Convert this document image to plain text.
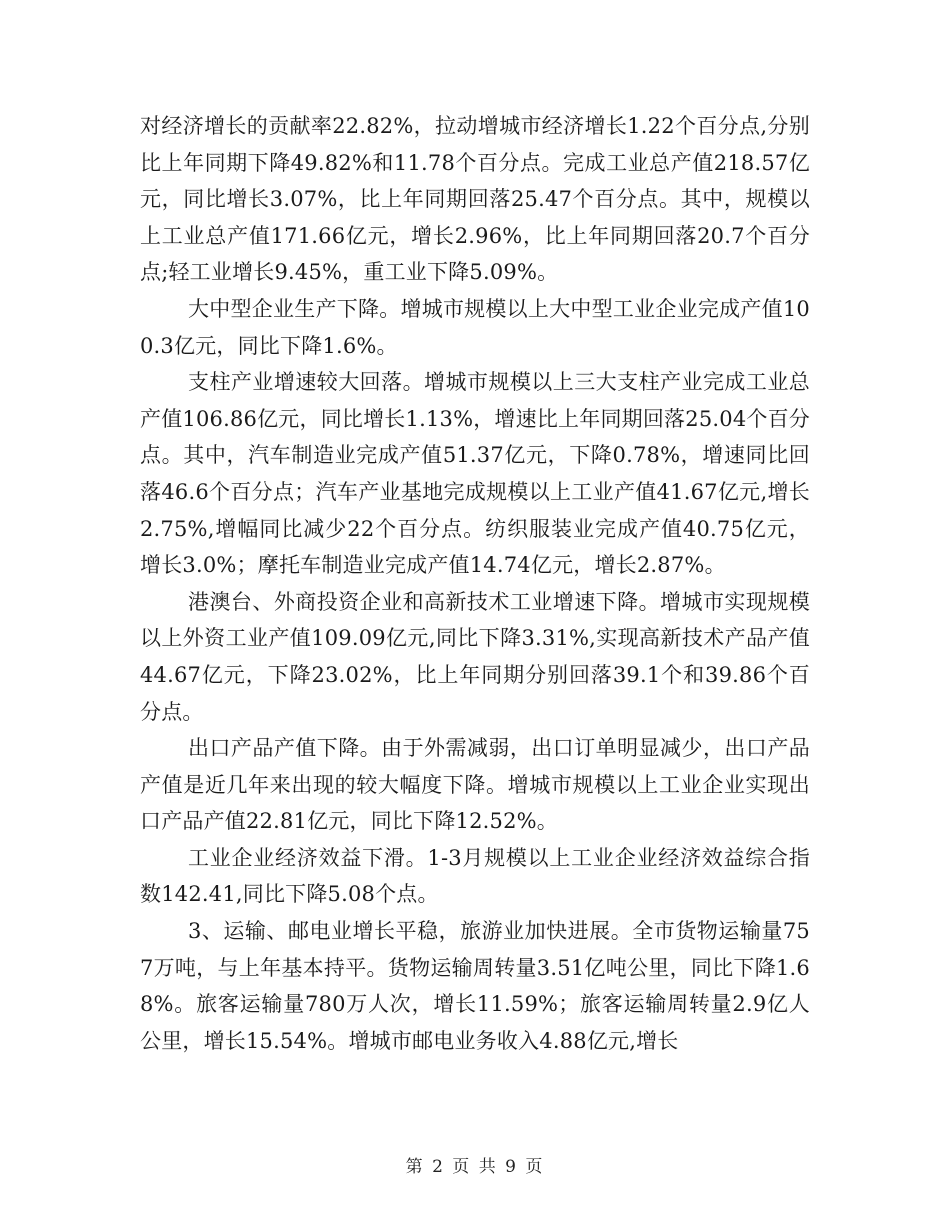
对经济增长的贡献率22.82%，拉动增城市经济增长1.22个百分点,分别比上年同期下降49.82%和11.78个百分点。完成工业总产值218.57亿元，同比增长3.07%，比上年同期回落25.47个百分点。其中，规模以上工业总产值171.66亿元，增长2.96%，比上年同期回落20.7个百分点;轻工业增长9.45%，重工业下降5.09%。

大中型企业生产下降。增城市规模以上大中型工业企业完成产值100.3亿元，同比下降1.6%。

支柱产业增速较大回落。增城市规模以上三大支柱产业完成工业总产值106.86亿元，同比增长1.13%，增速比上年同期回落25.04个百分点。其中，汽车制造业完成产值51.37亿元，下降0.78%，增速同比回落46.6个百分点；汽车产业基地完成规模以上工业产值41.67亿元,增长2.75%,增幅同比减少22个百分点。纺织服装业完成产值40.75亿元，增长3.0%；摩托车制造业完成产值14.74亿元，增长2.87%。

港澳台、外商投资企业和高新技术工业增速下降。增城市实现规模以上外资工业产值109.09亿元,同比下降3.31%,实现高新技术产品产值44.67亿元，下降23.02%，比上年同期分别回落39.1个和39.86个百分点。

出口产品产值下降。由于外需减弱，出口订单明显减少，出口产品产值是近几年来出现的较大幅度下降。增城市规模以上工业企业实现出口产品产值22.81亿元，同比下降12.52%。

工业企业经济效益下滑。1-3月规模以上工业企业经济效益综合指数142.41,同比下降5.08个点。

3、运输、邮电业增长平稳，旅游业加快进展。全市货物运输量757万吨，与上年基本持平。货物运输周转量3.51亿吨公里，同比下降1.68%。旅客运输量780万人次，增长11.59%；旅客运输周转量2.9亿人公里，增长15.54%。增城市邮电业务收入4.88亿元,增长

第 2 页 共 9 页
